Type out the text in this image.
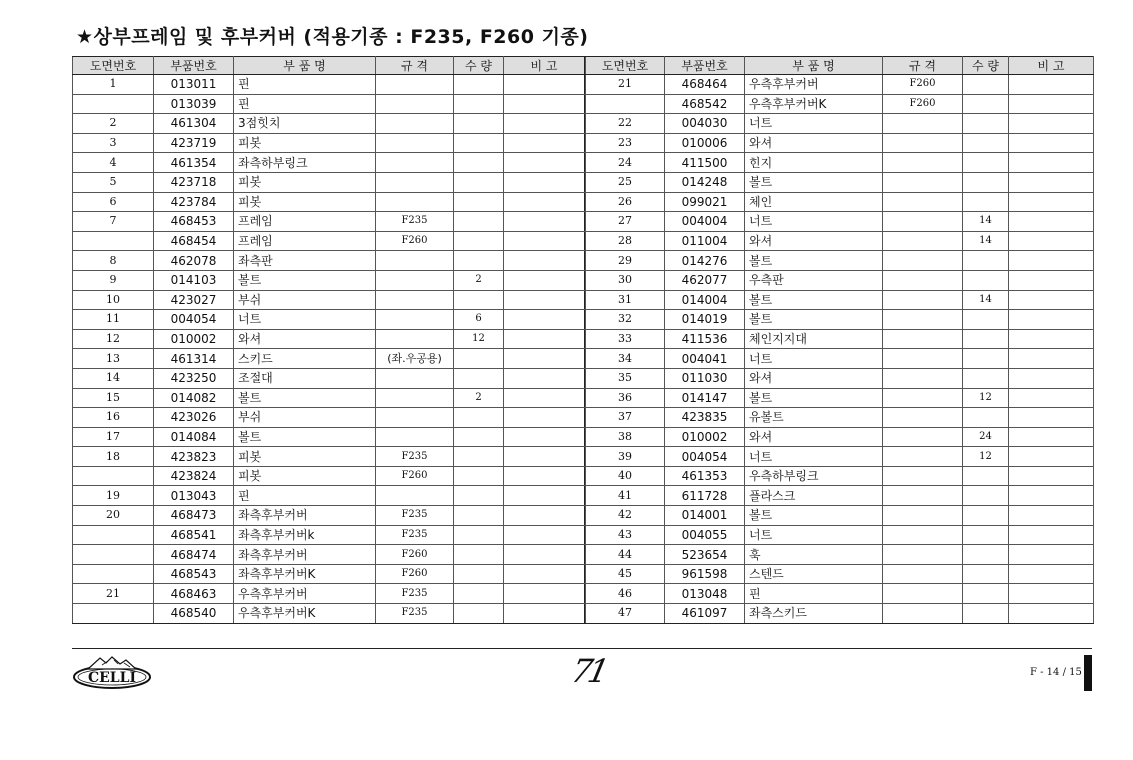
★상부프레임 및 후부커버 (적용기종 : F235, F260 기종)
도면번호	부품번호	부 품 명	규 격	수 량	비 고
1	013011	핀			
	013039	핀			
2	461304	3점힛치			
3	423719	피봇			
4	461354	좌측하부링크			
5	423718	피봇			
6	423784	피봇			
7	468453	프레임	F235		
	468454	프레임	F260		
8	462078	좌측판			
9	014103	볼트		2	
10	423027	부쉬			
11	004054	너트		6	
12	010002	와셔		12	
13	461314	스키드	(좌.우공용)		
14	423250	조절대			
15	014082	볼트		2	
16	423026	부쉬			
17	014084	볼트			
18	423823	피봇	F235		
	423824	피봇	F260		
19	013043	핀			
20	468473	좌측후부커버	F235		
	468541	좌측후부커버k	F235		
	468474	좌측후부커버	F260		
	468543	좌측후부커버K	F260		
21	468463	우측후부커버	F235		
	468540	우측후부커버K	F235		
도면번호	부품번호	부 품 명	규 격	수 량	비 고
21	468464	우측후부커버	F260		
	468542	우측후부커버K	F260		
22	004030	너트			
23	010006	와셔			
24	411500	힌지			
25	014248	볼트			
26	099021	체인			
27	004004	너트		14	
28	011004	와셔		14	
29	014276	볼트			
30	462077	우측판			
31	014004	볼트		14	
32	014019	볼트			
33	411536	체인지지대			
34	004041	너트			
35	011030	와셔			
36	014147	볼트		12	
37	423835	유볼트			
38	010002	와셔		24	
39	004054	너트		12	
40	461353	우측하부링크			
41	611728	플라스크			
42	014001	볼트			
43	004055	너트			
44	523654	훅			
45	961598	스텐드			
46	013048	핀			
47	461097	좌측스키드			
CELLI	71	F - 14 / 15
